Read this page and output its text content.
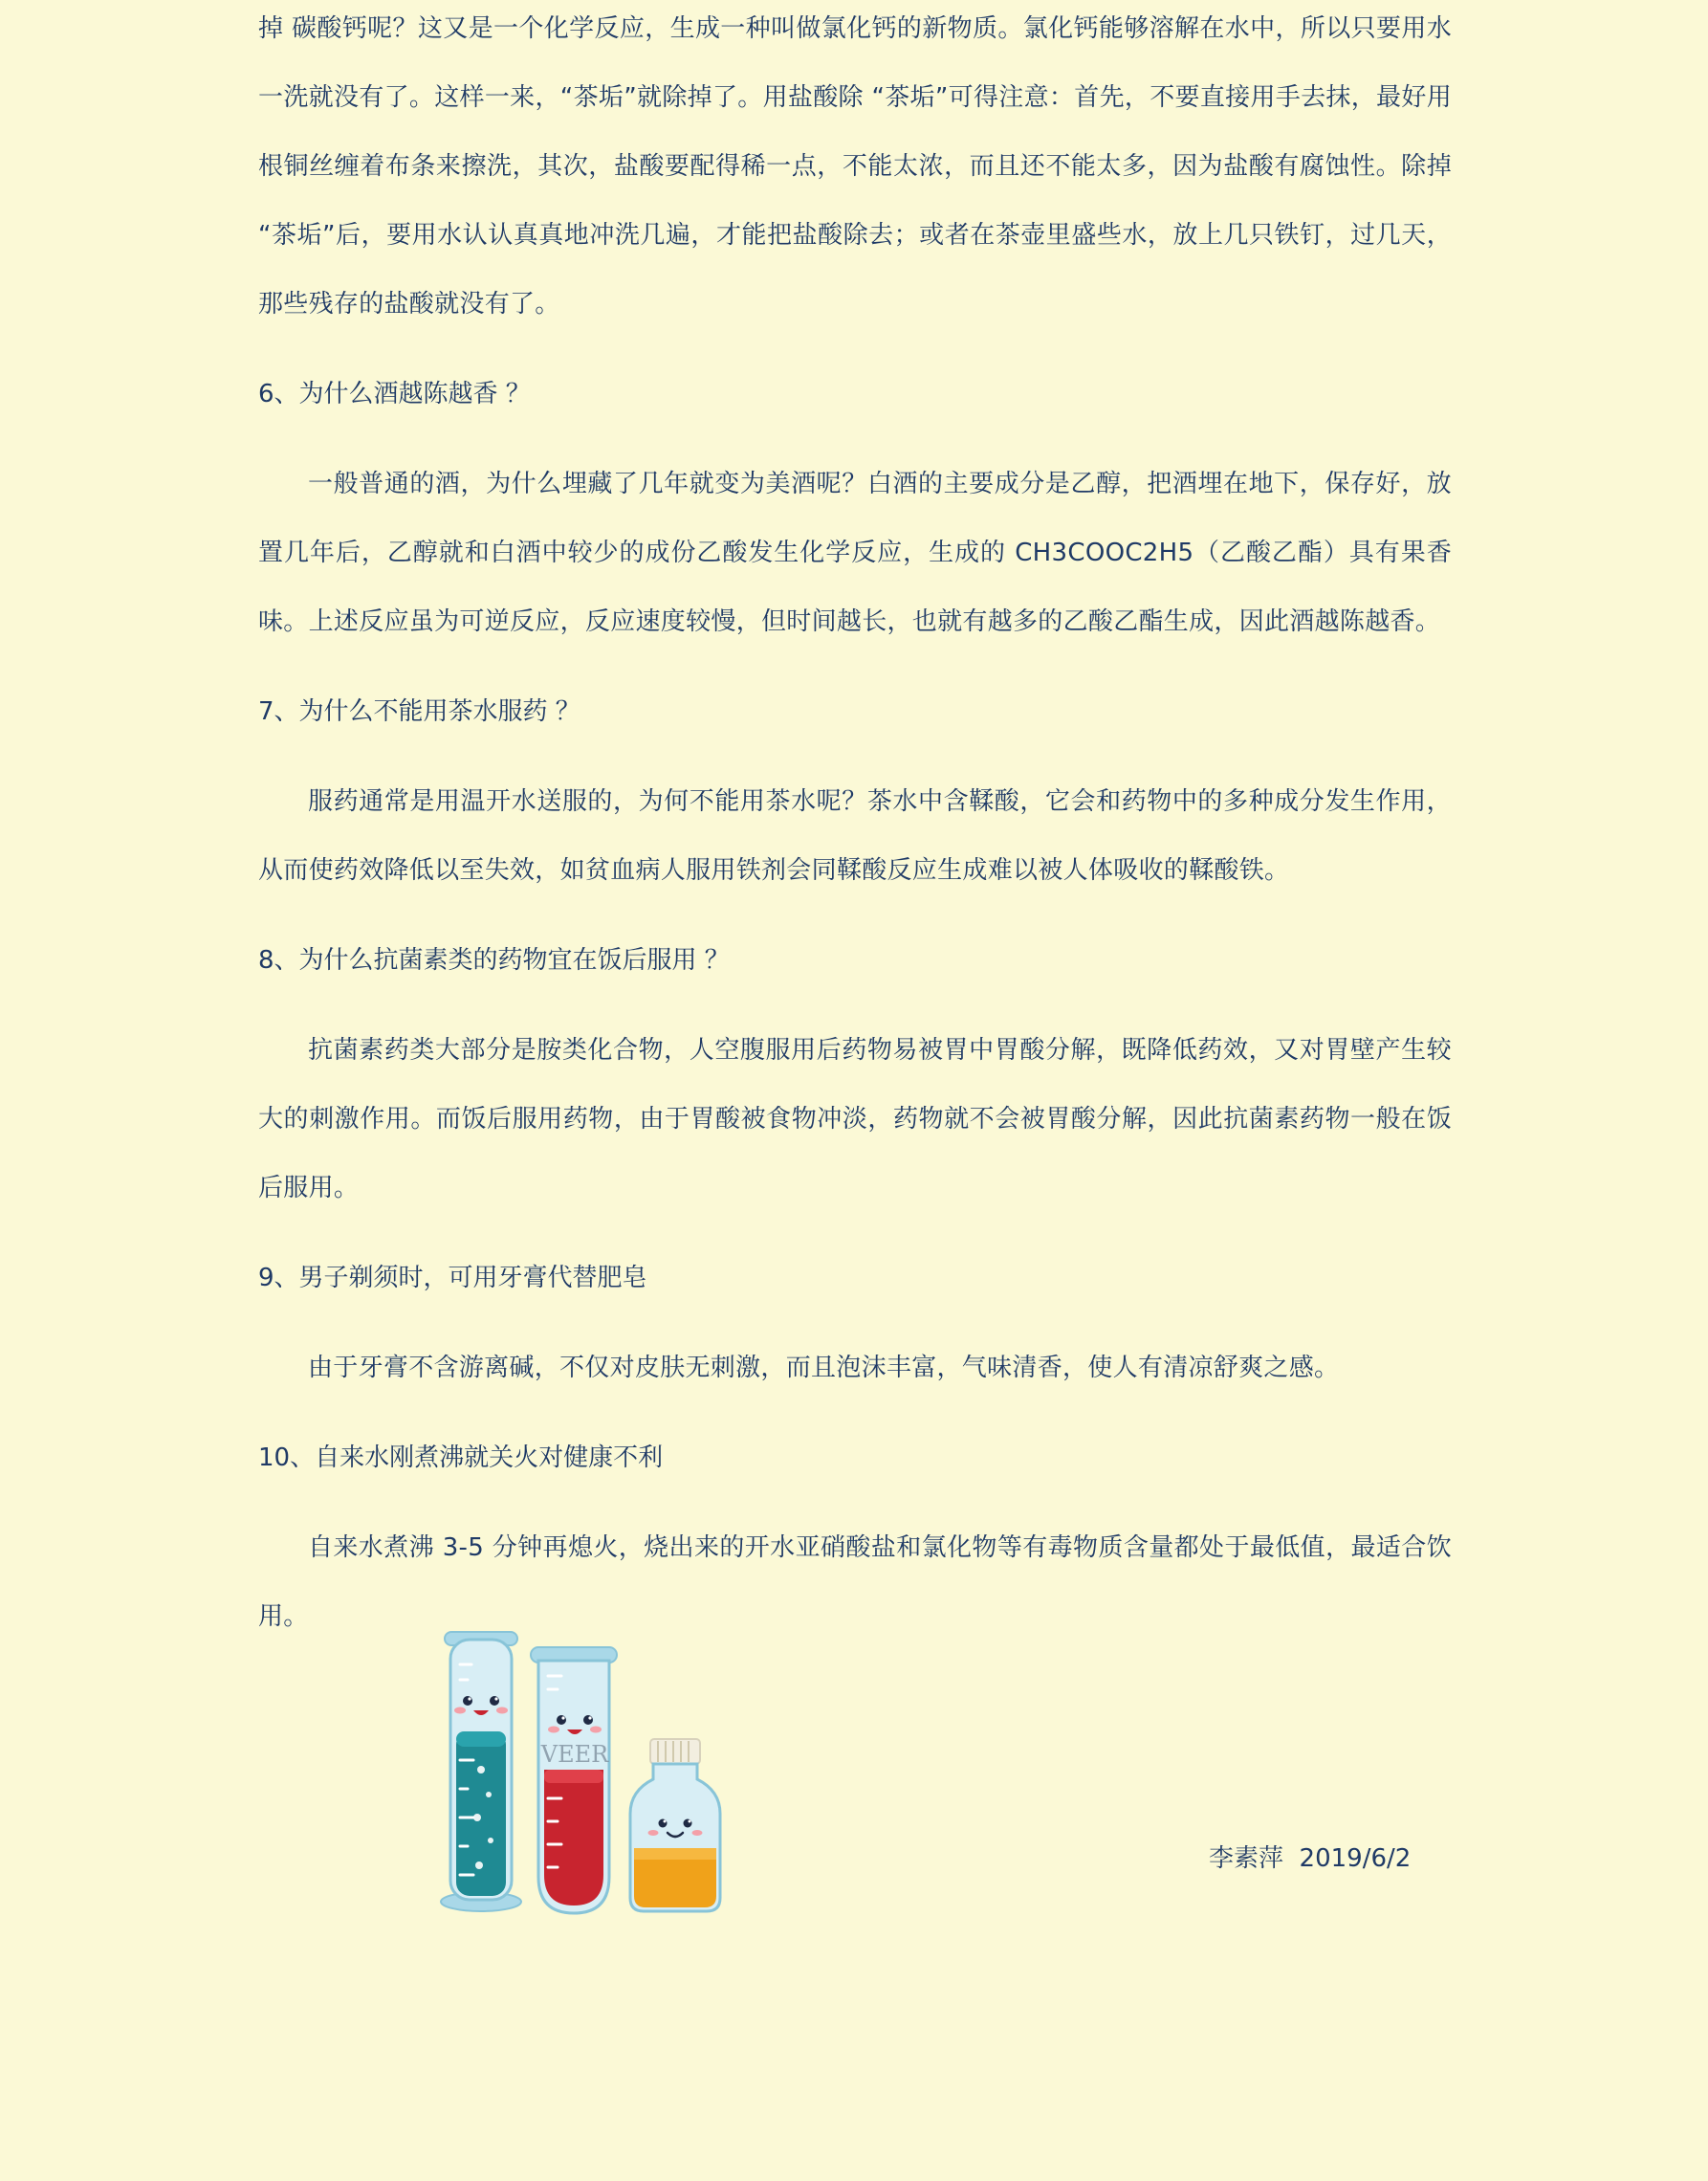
掉 碳酸钙呢？这又是一个化学反应，生成一种叫做氯化钙的新物质。氯化钙能够溶解在水中，所以只要用水一洗就没有了。这样一来，“茶垢”就除掉了。用盐酸除 “茶垢”可得注意：首先，不要直接用手去抹，最好用根铜丝缠着布条来擦洗，其次，盐酸要配得稀一点，不能太浓，而且还不能太多，因为盐酸有腐蚀性。除掉 “茶垢”后，要用水认认真真地冲洗几遍，才能把盐酸除去；或者在茶壶里盛些水，放上几只铁钉，过几天，那些残存的盐酸就没有了。

6、为什么酒越陈越香 ？

一般普通的酒，为什么埋藏了几年就变为美酒呢？白酒的主要成分是乙醇，把酒埋在地下，保存好，放置几年后，乙醇就和白酒中较少的成份乙酸发生化学反应，生成的 CH3COOC2H5（乙酸乙酯）具有果香味。上述反应虽为可逆反应，反应速度较慢，但时间越长，也就有越多的乙酸乙酯生成，因此酒越陈越香。

7、为什么不能用茶水服药 ？

服药通常是用温开水送服的，为何不能用茶水呢？茶水中含鞣酸，它会和药物中的多种成分发生作用，从而使药效降低以至失效，如贫血病人服用铁剂会同鞣酸反应生成难以被人体吸收的鞣酸铁。

8、为什么抗菌素类的药物宜在饭后服用 ？

抗菌素药类大部分是胺类化合物，人空腹服用后药物易被胃中胃酸分解，既降低药效，又对胃壁产生较大的刺激作用。而饭后服用药物，由于胃酸被食物冲淡，药物就不会被胃酸分解，因此抗菌素药物一般在饭后服用。

9、男子剃须时，可用牙膏代替肥皂

由于牙膏不含游离碱，不仅对皮肤无刺激，而且泡沫丰富，气味清香，使人有清凉舒爽之感。

10、自来水刚煮沸就关火对健康不利

自来水煮沸 3-5 分钟再熄火，烧出来的开水亚硝酸盐和氯化物等有毒物质含量都处于最低值，最适合饮用。

VEER
李素萍  2019/6/2
